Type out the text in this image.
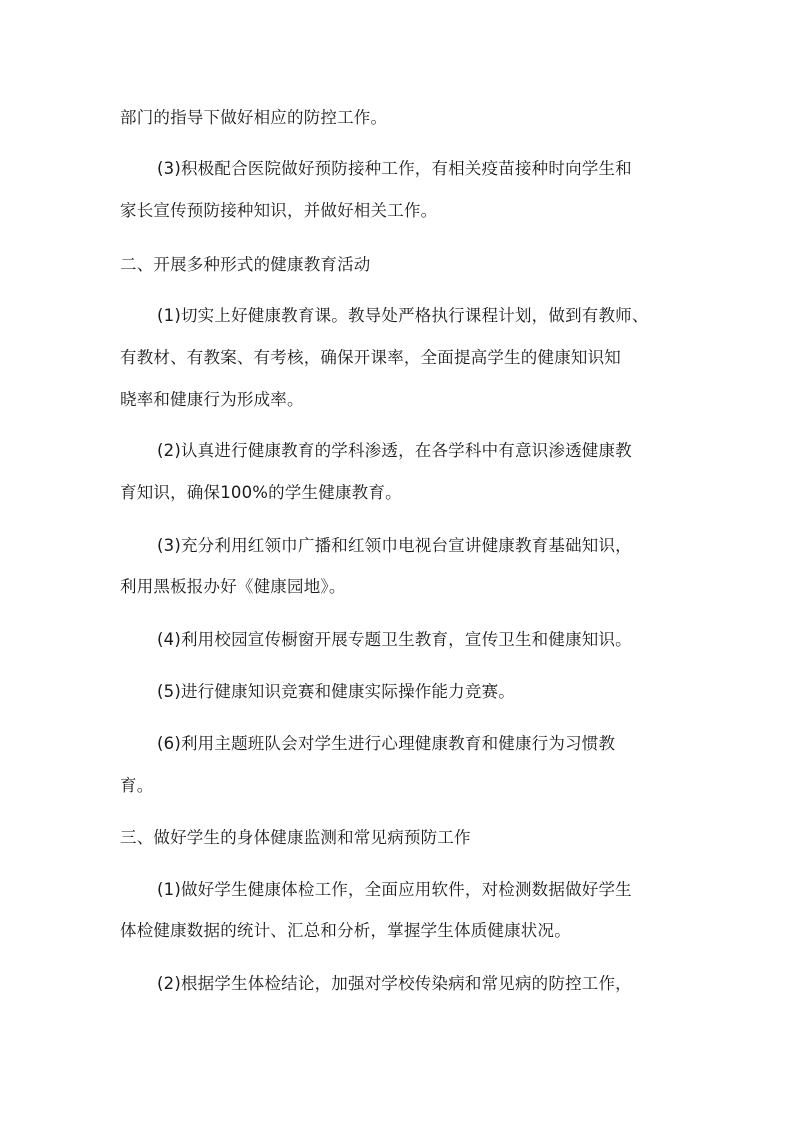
部门的指导下做好相应的防控工作。
(3)积极配合医院做好预防接种工作，有相关疫苗接种时向学生和
家长宣传预防接种知识，并做好相关工作。
二、开展多种形式的健康教育活动
(1)切实上好健康教育课。教导处严格执行课程计划，做到有教师、
有教材、有教案、有考核，确保开课率，全面提高学生的健康知识知
晓率和健康行为形成率。
(2)认真进行健康教育的学科渗透，在各学科中有意识渗透健康教
育知识，确保100%的学生健康教育。
(3)充分利用红领巾广播和红领巾电视台宣讲健康教育基础知识，
利用黑板报办好《健康园地》。
(4)利用校园宣传橱窗开展专题卫生教育，宣传卫生和健康知识。
(5)进行健康知识竞赛和健康实际操作能力竞赛。
(6)利用主题班队会对学生进行心理健康教育和健康行为习惯教
育。
三、做好学生的身体健康监测和常见病预防工作
(1)做好学生健康体检工作，全面应用软件，对检测数据做好学生
体检健康数据的统计、汇总和分析，掌握学生体质健康状况。
(2)根据学生体检结论，加强对学校传染病和常见病的防控工作，
